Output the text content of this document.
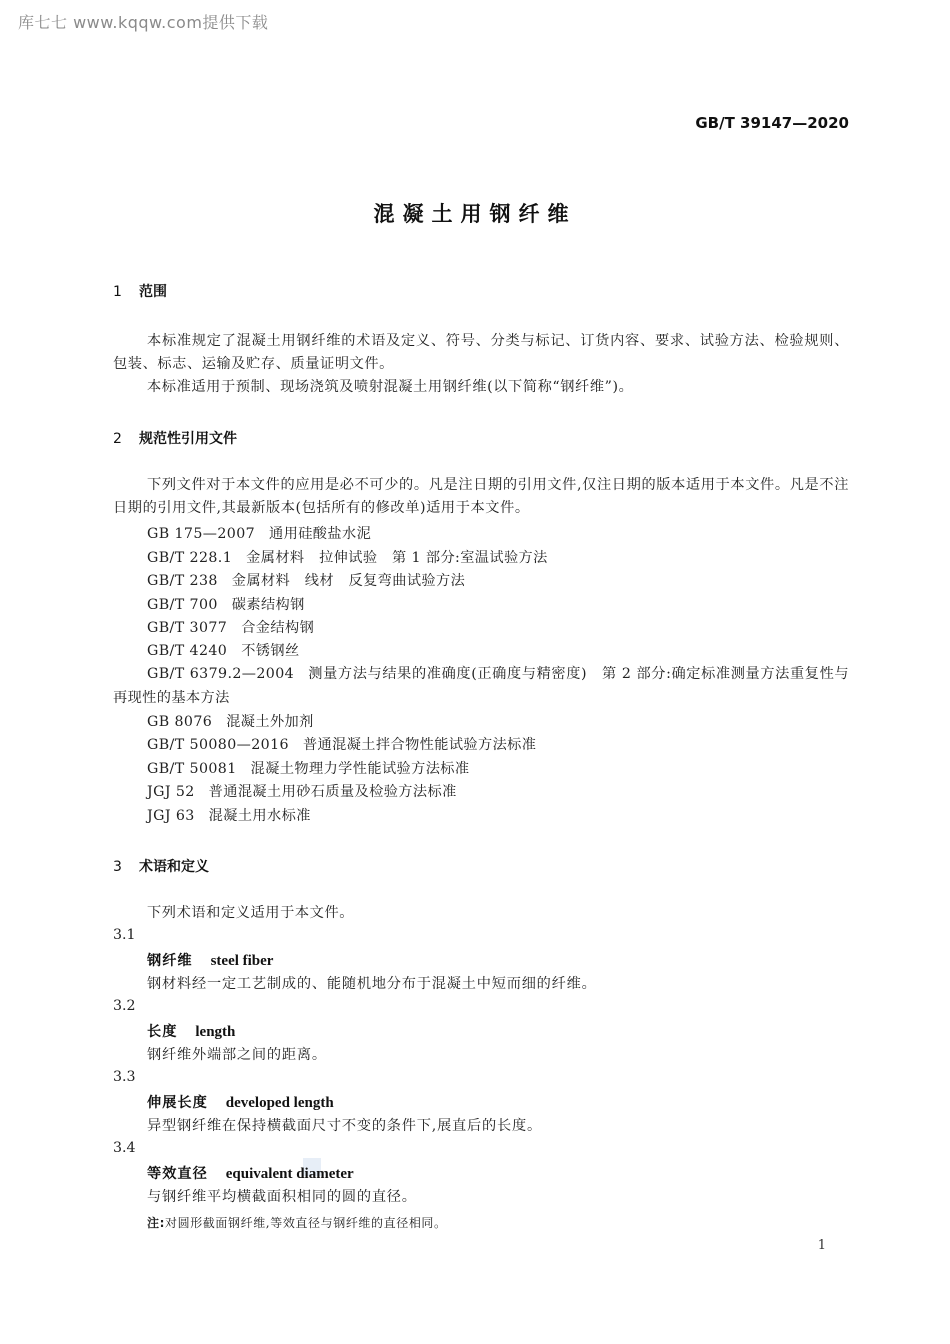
库七七 www.kqqw.com提供下载
GB/T 39147—2020
混凝土用钢纤维
1 范围
本标准规定了混凝土用钢纤维的术语及定义、符号、分类与标记、订货内容、要求、试验方法、检验规则、包装、标志、运输及贮存、质量证明文件。
本标准适用于预制、现场浇筑及喷射混凝土用钢纤维(以下简称“钢纤维”)。
2 规范性引用文件
下列文件对于本文件的应用是必不可少的。凡是注日期的引用文件,仅注日期的版本适用于本文件。凡是不注日期的引用文件,其最新版本(包括所有的修改单)适用于本文件。
GB 175—2007 通用硅酸盐水泥
GB/T 228.1 金属材料　拉伸试验　第 1 部分:室温试验方法
GB/T 238 金属材料　线材　反复弯曲试验方法
GB/T 700 碳素结构钢
GB/T 3077 合金结构钢
GB/T 4240 不锈钢丝
GB/T 6379.2—2004 测量方法与结果的准确度(正确度与精密度)　第 2 部分:确定标准测量方法重复性与再现性的基本方法
GB 8076 混凝土外加剂
GB/T 50080—2016 普通混凝土拌合物性能试验方法标准
GB/T 50081 混凝土物理力学性能试验方法标准
JGJ 52 普通混凝土用砂石质量及检验方法标准
JGJ 63 混凝土用水标准
3 术语和定义
下列术语和定义适用于本文件。
3.1
钢纤维 steel fiber
钢材料经一定工艺制成的、能随机地分布于混凝土中短而细的纤维。
3.2
长度 length
钢纤维外端部之间的距离。
3.3
伸展长度 developed length
异型钢纤维在保持横截面尺寸不变的条件下,展直后的长度。
3.4
等效直径 equivalent diameter
与钢纤维平均横截面积相同的圆的直径。
注:对圆形截面钢纤维,等效直径与钢纤维的直径相同。
1
